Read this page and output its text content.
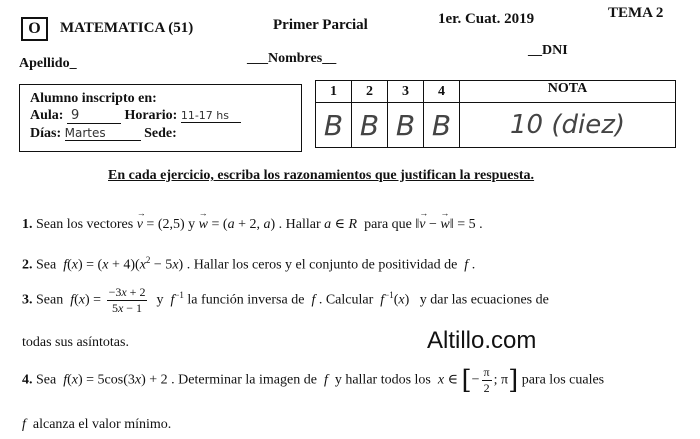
O	MATEMATICA (51)	Primer Parcial	1er. Cuat. 2019	TEMA 2
Apellido_	___Nombres__
__DNI
Alumno inscripto en:
Aula: 9	Horario: 11-17 hs
Días: Martes	Sede:
1	2	3	4	NOTA
B	B	B	B	10 (diez)
En cada ejercicio, escriba los razonamientos que justifican la respuesta.
1. Sean los vectores → v = (2,5) y → w = (a + 2, a) . Hallar a ∈ R  para que ‖→ v − → w‖ = 5 .
2. Sea  $f(x) = (x + 4)(x^2 - 5x)$ . Hallar los ceros y el conjunto de positividad de  f .
3. Sean  $f(x) = \frac{-3x + 2}{5x - 1}$ y  $f^{-1}$ la función inversa de  f . Calcular  $f^{-1}(x)$   y dar las ecuaciones de
todas sus asíntotas.	Altillo.com
4. Sea  f(x) = 5cos(3x) + 2 . Determinar la imagen de  f  y hallar todos los  x ∈ [− $\frac{\pi}{2}$ ; π] para los cuales
f  alcanza el valor mínimo.
